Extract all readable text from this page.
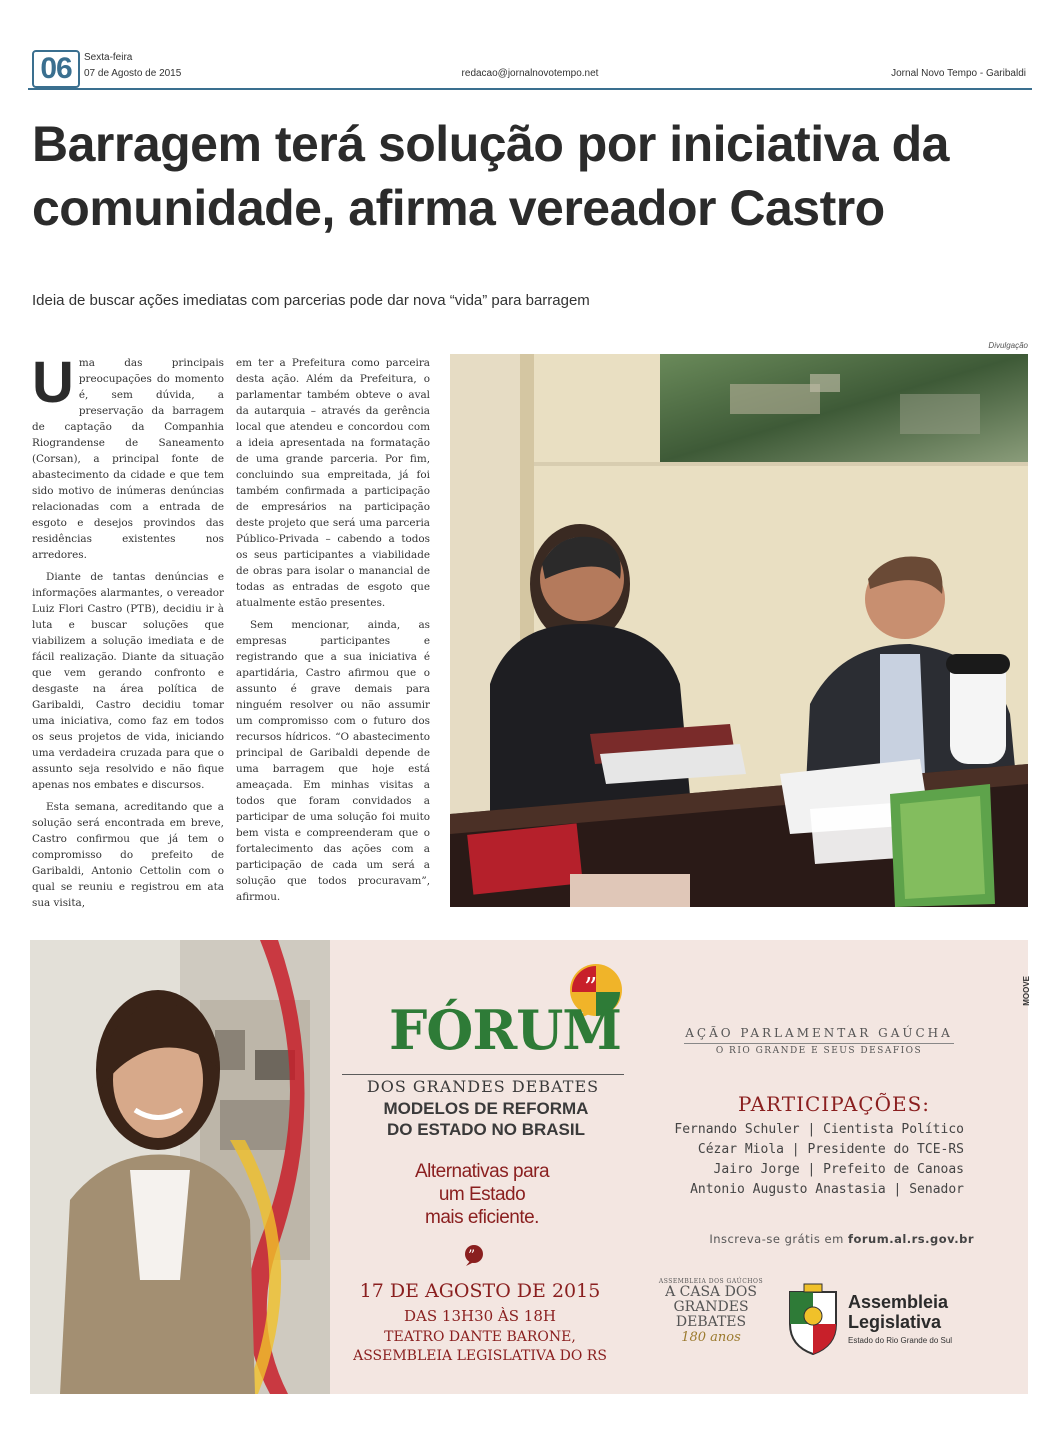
06	Sexta-feira
07 de Agosto de 2015	redacao@jornalnovotempo.net	Jornal Novo Tempo - Garibaldi
Barragem terá solução por iniciativa da comunidade, afirma vereador Castro
Ideia de buscar ações imediatas com parcerias pode dar nova “vida” para barragem

Uma das principais preocupações do momento é, sem dúvida, a preservação da barragem de captação da Companhia Riograndense de Saneamento (Corsan), a principal fonte de abastecimento da cidade e que tem sido motivo de inúmeras denúncias relacionadas com a entrada de esgoto e desejos provindos das residências existentes nos arredores.

Diante de tantas denúncias e informações alarmantes, o vereador Luiz Flori Castro (PTB), decidiu ir à luta e buscar soluções que viabilizem a solução imediata e de fácil realização. Diante da situação que vem gerando confronto e desgaste na área política de Garibaldi, Castro decidiu tomar uma iniciativa, como faz em todos os seus projetos de vida, iniciando uma verdadeira cruzada para que o assunto seja resolvido e não fique apenas nos embates e discursos.

Esta semana, acreditando que a solução será encontrada em breve, Castro confirmou que já tem o compromisso do prefeito de Garibaldi, Antonio Cettolin com o qual se reuniu e registrou em ata sua visita,

em ter a Prefeitura como parceira desta ação. Além da Prefeitura, o parlamentar também obteve o aval da autarquia – através da gerência local que atendeu e concordou com a ideia apresentada na formatação de uma grande parceria. Por fim, concluindo sua empreitada, já foi também confirmada a participação de empresários na participação deste projeto que será uma parceria Público-Privada – cabendo a todos os seus participantes a viabilidade de obras para isolar o manancial de todas as entradas de esgoto que atualmente estão presentes.

Sem mencionar, ainda, as empresas participantes e registrando que a sua iniciativa é apartidária, Castro afirmou que o assunto é grave demais para ninguém resolver ou não assumir um compromisso com o futuro dos recursos hídricos. “O abastecimento principal de Garibaldi depende de uma barragem que hoje está ameaçada. Em minhas visitas a todos que foram convidados a participar de uma solução foi muito bem vista e compreenderam que o fortalecimento das ações com a participação de cada um será a solução que todos procuravam”, afirmou.

Divulgação
”
FÓRUM
DOS GRANDES DEBATES
MODELOS DE REFORMA
DO ESTADO NO BRASIL
Alternativas para
um Estado
mais eficiente.
”
17 DE AGOSTO DE 2015
DAS 13H30 ÀS 18H
TEATRO DANTE BARONE,
ASSEMBLEIA LEGISLATIVA DO RS
AÇÃO PARLAMENTAR GAÚCHA
O RIO GRANDE E SEUS DESAFIOS
PARTICIPAÇÕES:
Fernando Schuler | Cientista Político
Cézar Miola | Presidente do TCE-RS
Jairo Jorge | Prefeito de Canoas
Antonio Augusto Anastasia | Senador
Inscreva-se grátis em forum.al.rs.gov.br
ASSEMBLEIA DOS GAÚCHOS
A CASA DOS
GRANDES
DEBATES
180 anos
Assembleia
Legislativa
Estado do Rio Grande do Sul
MOOVE
